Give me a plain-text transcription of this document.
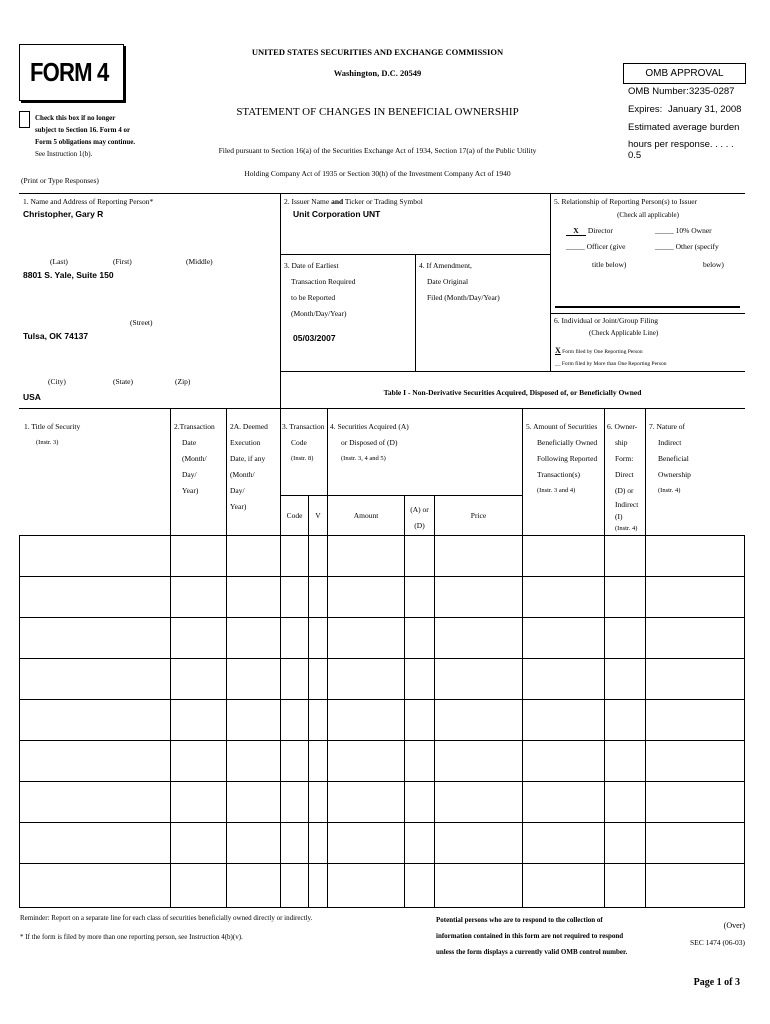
FORM 4
Check this box if no longer
subject to Section 16. Form 4 or
Form 5 obligations may continue.
See Instruction 1(b).
UNITED STATES SECURITIES AND EXCHANGE COMMISSION
Washington, D.C. 20549
STATEMENT OF CHANGES IN BENEFICIAL OWNERSHIP
Filed pursuant to Section 16(a) of the Securities Exchange Act of 1934, Section 17(a) of the Public Utility
Holding Company Act of 1935 or Section 30(h) of the Investment Company Act of 1940
(Print or Type Responses)
OMB APPROVAL
OMB Number: 3235-0287
Expires: January 31, 2008
Estimated average burden
hours per response. . . . . 0.5
1. Name and Address of Reporting Person*
Christopher, Gary R
(Last)	(First)	(Middle)
8801 S. Yale, Suite 150
(Street)
Tulsa, OK 74137
(City)	(State)	(Zip)
USA
2. Issuer Name and Ticker or Trading Symbol
Unit Corporation UNT
3. Date of Earliest
Transaction Required
to be Reported
(Month/Day/Year)
05/03/2007
4. If Amendment,
Date Original
Filed (Month/Day/Year)
5. Relationship of Reporting Person(s) to Issuer
(Check all applicable)
X Director	_____ 10% Owner
_____ Officer (give	_____ Other (specify
title below)	below)
6. Individual or Joint/Group Filing
(Check Applicable Line)
X Form filed by One Reporting Person
__ Form filed by More than One Reporting Person
Table I - Non-Derivative Securities Acquired, Disposed of, or Beneficially Owned
1. Title of Security
(Instr. 3)
2.Transaction
Date
(Month/
Day/
Year)
2A. Deemed
Execution
Date, if any
(Month/
Day/
Year)
3. Transaction
Code
(Instr. 8)
4. Securities Acquired (A)
or Disposed of (D)
(Instr. 3, 4 and 5)
5. Amount of Securities
Beneficially Owned
Following Reported
Transaction(s)
(Instr. 3 and 4)
6. Owner-
ship
Form:
Direct
(D) or
Indirect
(I)
(Instr. 4)
7. Nature of
Indirect
Beneficial
Ownership
(Instr. 4)
Code	V	Amount
(A) or
(D)
Price
Reminder: Report on a separate line for each class of securities beneficially owned directly or indirectly.
* If the form is filed by more than one reporting person, see Instruction 4(b)(v).
Potential persons who are to respond to the collection of
information contained in this form are not required to respond
unless the form displays a currently valid OMB control number.
(Over)
SEC 1474 (06-03)
Page 1 of 3
